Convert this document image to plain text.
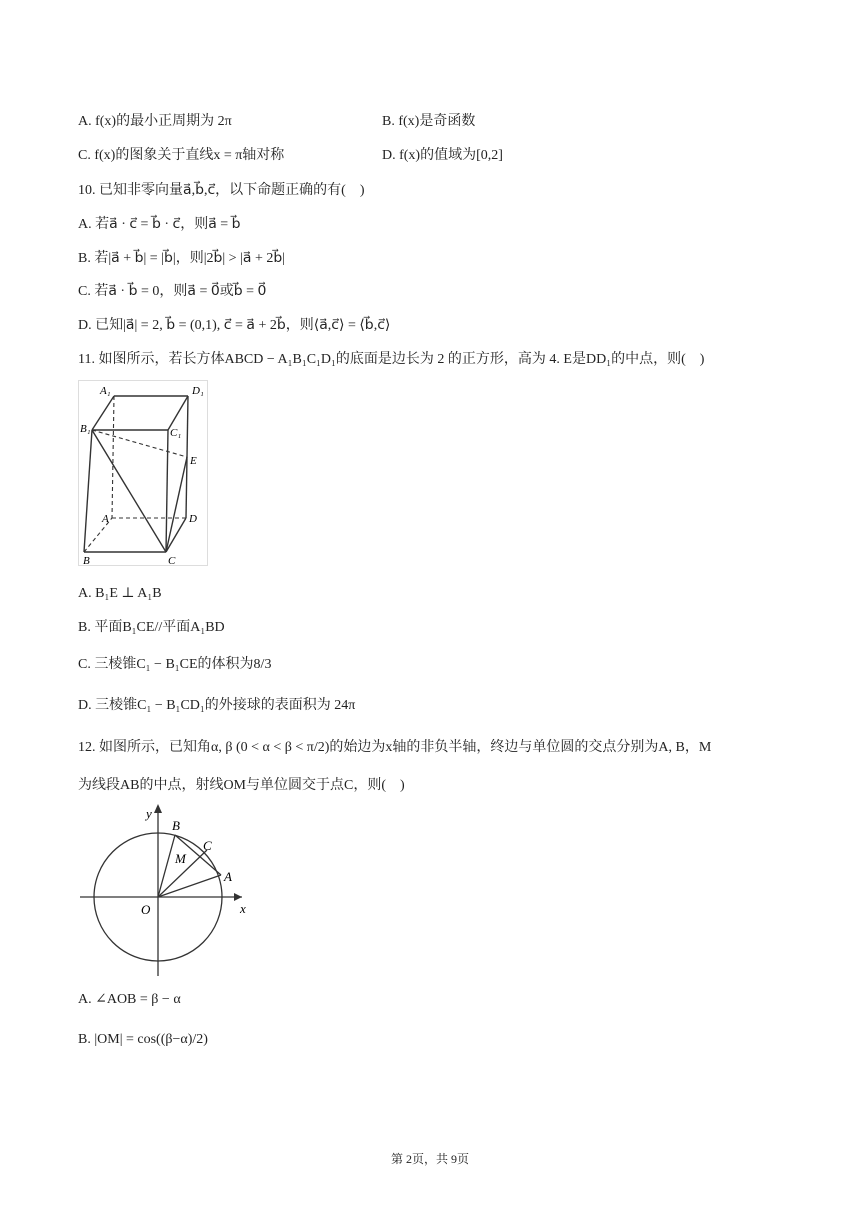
A. f(x)的最小正周期为 2π	B. f(x)是奇函数
C. f(x)的图象关于直线x = π轴对称	D. f(x)的值域为[0,2]
10. 已知非零向量a⃗,b⃗,c⃗，以下命题正确的有(　)
A. 若a⃗ · c⃗ = b⃗ · c⃗，则a⃗ = b⃗
B. 若|a⃗ + b⃗| = |b⃗|，则|2b⃗| > |a⃗ + 2b⃗|
C. 若a⃗ · b⃗ = 0，则a⃗ = 0⃗或b⃗ = 0⃗
D. 已知|a⃗| = 2, b⃗ = (0,1), c⃗ = a⃗ + 2b⃗，则⟨a⃗,c⃗⟩ = ⟨b⃗,c⃗⟩
11. 如图所示，若长方体ABCD − A₁B₁C₁D₁的底面是边长为 2 的正方形，高为 4. E是DD₁的中点，则(　)
A₁	D₁
B₁	C₁
E
A	D
B	C
A. B₁E ⊥ A₁B
B. 平面B₁CE//平面A₁BD
C. 三棱锥C₁ − B₁CE的体积为8/3
D. 三棱锥C₁ − B₁CD₁的外接球的表面积为 24π
12. 如图所示，已知角α, β (0 < α < β < π/2)的始边为x轴的非负半轴，终边与单位圆的交点分别为A, B，M
为线段AB的中点，射线OM与单位圆交于点C，则(　)
y
x
O
B
C
M
A
A. ∠AOB = β − α
B. |OM| = cos((β−α)/2)
第 2页，共 9页
